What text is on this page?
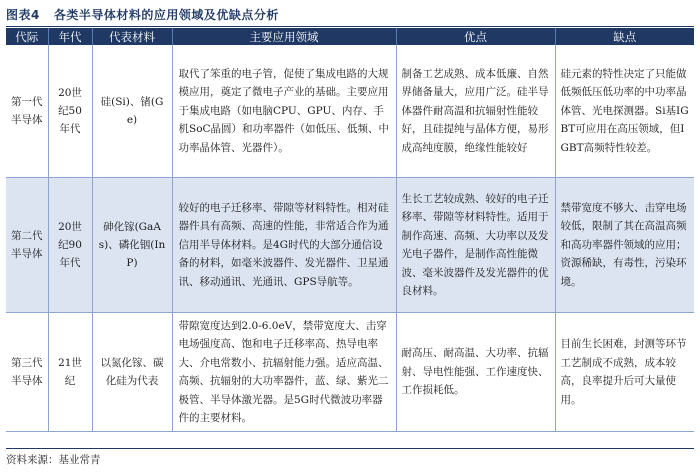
图表4 各类半导体材料的应用领域及优缺点分析
代际	年代	代表材料	主要应用领域	优点	缺点
第一代半导体	20世纪50年代	硅(Si)、锗(Ge)	取代了笨重的电子管，促使了集成电路的大规模应用，奠定了微电子产业的基础。主要应用于集成电路（如电脑CPU、GPU、内存、手机SoC晶圆）和功率器件（如低压、低频、中功率晶体管、光器件）。	制备工艺成熟、成本低廉、自然界储备量大，应用广泛。硅半导体器件耐高温和抗辐射性能较好，且硅提纯与晶体方便，易形成高纯度膜，绝缘性能较好	硅元素的特性决定了只能做低频低压低功率的中功率晶体管、光电探测器。Si基IGBT可应用在高压领域，但IGBT高频特性较差。
第二代半导体	20世纪90年代	砷化镓(GaAs)、磷化铟(InP)	较好的电子迁移率、带隙等材料特性。相对硅器件具有高频、高速的性能，非常适合作为通信用半导体材料。是4G时代的大部分通信设备的材料，如毫米波器件、发光器件、卫星通讯、移动通讯、光通讯、GPS导航等。	生长工艺较成熟、较好的电子迁移率、带隙等材料特性。适用于制作高速、高频、大功率以及发光电子器件，是制作高性能微波、毫米波器件及发光器件的优良材料。	禁带宽度不够大、击穿电场较低，限制了其在高温高频和高功率器件领域的应用；资源稀缺，有毒性，污染环境。
第三代半导体	21世纪	以氮化镓、碳化硅为代表	带隙宽度达到2.0-6.0eV，禁带宽度大、击穿电场强度高、饱和电子迁移率高、热导电率大、介电常数小、抗辐射能力强。适应高温、高频、抗辐射的大功率器件，蓝、绿、紫光二极管、半导体激光器。是5G时代微波功率器件的主要材料。	耐高压、耐高温、大功率、抗辐射、导电性能强、工作速度快、工作损耗低。	目前生长困难，封测等环节工艺制成不成熟，成本较高，良率提升后可大量使用。
资料来源：基业常青
